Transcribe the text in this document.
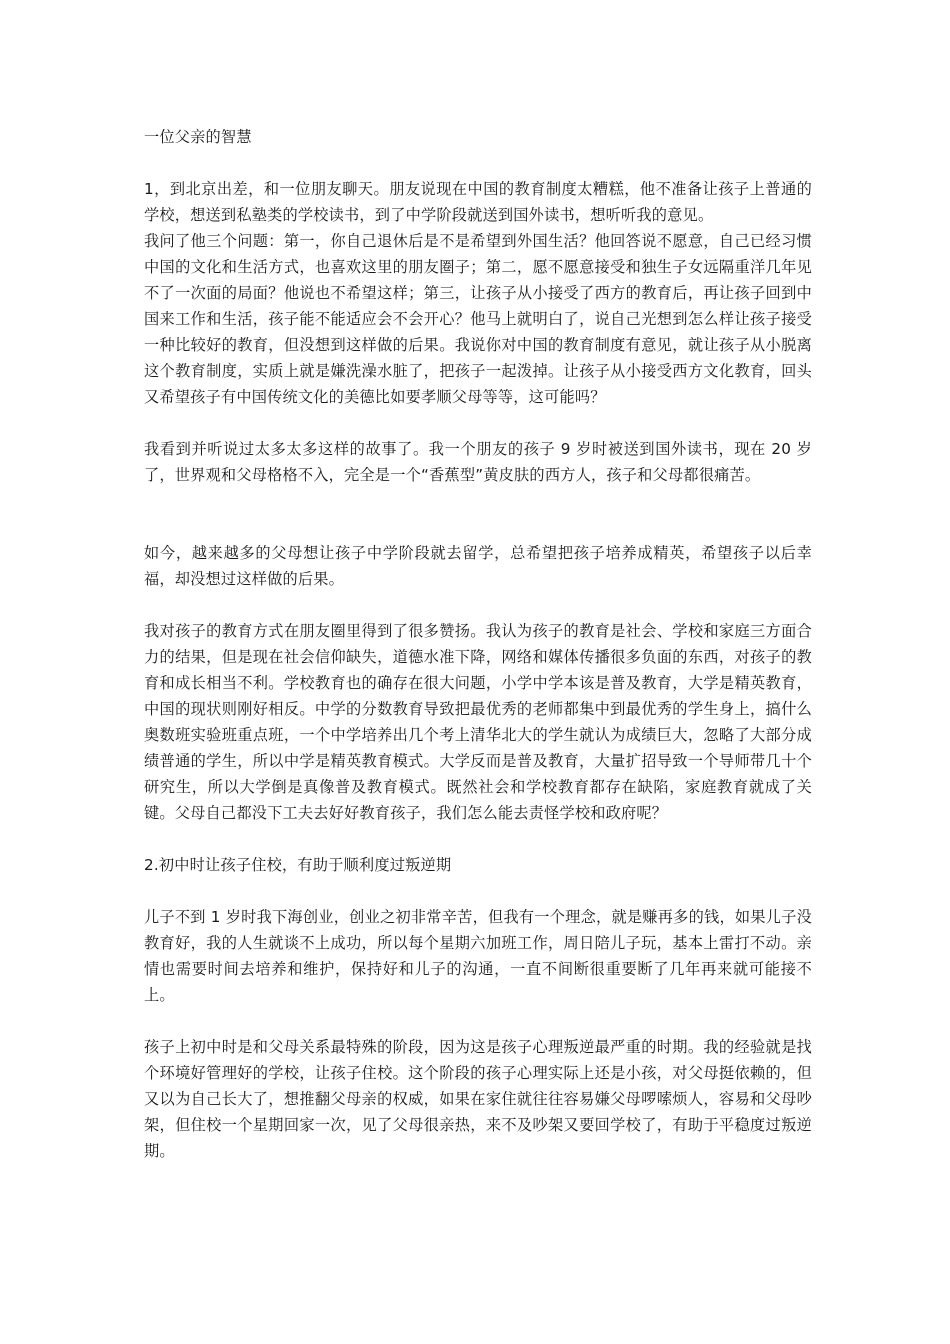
一位父亲的智慧

1，到北京出差，和一位朋友聊天。朋友说现在中国的教育制度太糟糕，他不准备让孩子上普通的学校，想送到私塾类的学校读书，到了中学阶段就送到国外读书，想听听我的意见。

我问了他三个问题：第一，你自己退休后是不是希望到外国生活？他回答说不愿意，自己已经习惯中国的文化和生活方式，也喜欢这里的朋友圈子；第二，愿不愿意接受和独生子女远隔重洋几年见不了一次面的局面？他说也不希望这样；第三，让孩子从小接受了西方的教育后，再让孩子回到中国来工作和生活，孩子能不能适应会不会开心？他马上就明白了，说自己光想到怎么样让孩子接受一种比较好的教育，但没想到这样做的后果。我说你对中国的教育制度有意见，就让孩子从小脱离这个教育制度，实质上就是嫌洗澡水脏了，把孩子一起泼掉。让孩子从小接受西方文化教育，回头又希望孩子有中国传统文化的美德比如要孝顺父母等等，这可能吗？

我看到并听说过太多太多这样的故事了。我一个朋友的孩子 9 岁时被送到国外读书，现在 20 岁了，世界观和父母格格不入，完全是一个“香蕉型”黄皮肤的西方人，孩子和父母都很痛苦。

如今，越来越多的父母想让孩子中学阶段就去留学，总希望把孩子培养成精英，希望孩子以后幸福，却没想过这样做的后果。

我对孩子的教育方式在朋友圈里得到了很多赞扬。我认为孩子的教育是社会、学校和家庭三方面合力的结果，但是现在社会信仰缺失，道德水准下降，网络和媒体传播很多负面的东西，对孩子的教育和成长相当不利。学校教育也的确存在很大问题，小学中学本该是普及教育，大学是精英教育，中国的现状则刚好相反。中学的分数教育导致把最优秀的老师都集中到最优秀的学生身上，搞什么奥数班实验班重点班，一个中学培养出几个考上清华北大的学生就认为成绩巨大，忽略了大部分成绩普通的学生，所以中学是精英教育模式。大学反而是普及教育，大量扩招导致一个导师带几十个研究生，所以大学倒是真像普及教育模式。既然社会和学校教育都存在缺陷，家庭教育就成了关键。父母自己都没下工夫去好好教育孩子，我们怎么能去责怪学校和政府呢？

2.初中时让孩子住校，有助于顺利度过叛逆期

儿子不到 1 岁时我下海创业，创业之初非常辛苦，但我有一个理念，就是赚再多的钱，如果儿子没教育好，我的人生就谈不上成功，所以每个星期六加班工作，周日陪儿子玩，基本上雷打不动。亲情也需要时间去培养和维护，保持好和儿子的沟通，一直不间断很重要断了几年再来就可能接不上。

孩子上初中时是和父母关系最特殊的阶段，因为这是孩子心理叛逆最严重的时期。我的经验就是找个环境好管理好的学校，让孩子住校。这个阶段的孩子心理实际上还是小孩，对父母挺依赖的，但又以为自己长大了，想推翻父母亲的权威，如果在家住就往往容易嫌父母啰嗦烦人，容易和父母吵架，但住校一个星期回家一次，见了父母很亲热，来不及吵架又要回学校了，有助于平稳度过叛逆期。
